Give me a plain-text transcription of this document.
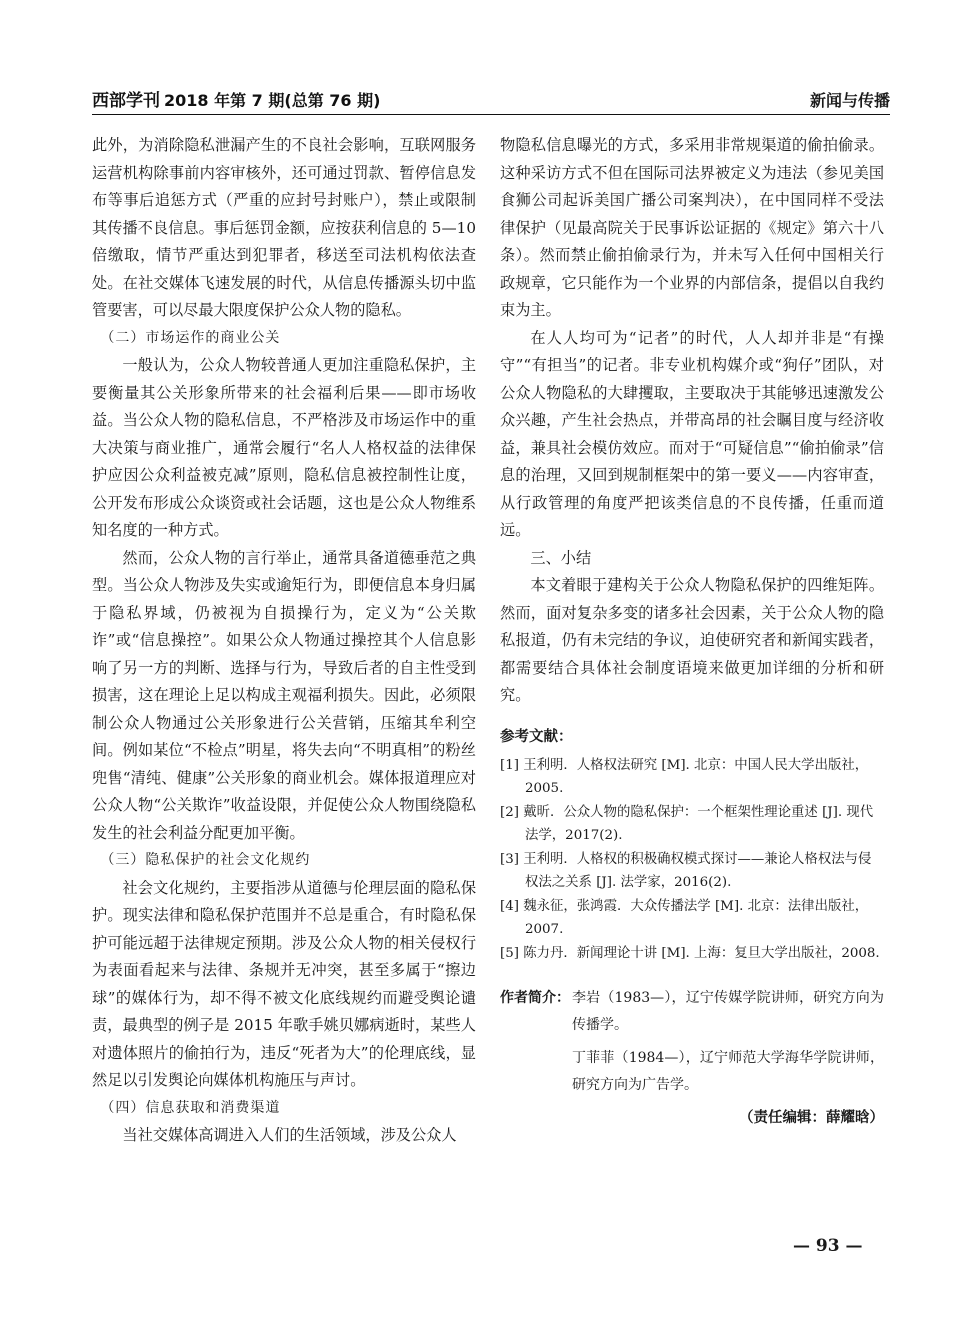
西部学刊 2018 年第 7 期(总第 76 期)	新闻与传播

此外，为消除隐私泄漏产生的不良社会影响，互联网服务运营机构除事前内容审核外，还可通过罚款、暂停信息发布等事后追惩方式（严重的应封号封账户），禁止或限制其传播不良信息。事后惩罚金额，应按获利信息的 5—10 倍缴取，情节严重达到犯罪者，移送至司法机构依法查处。在社交媒体飞速发展的时代，从信息传播源头切中监管要害，可以尽最大限度保护公众人物的隐私。

（二）市场运作的商业公关

一般认为，公众人物较普通人更加注重隐私保护，主要衡量其公关形象所带来的社会福利后果——即市场收益。当公众人物的隐私信息，不严格涉及市场运作中的重大决策与商业推广，通常会履行“名人人格权益的法律保护应因公众利益被克减”原则，隐私信息被控制性让度，公开发布形成公众谈资或社会话题，这也是公众人物维系知名度的一种方式。

然而，公众人物的言行举止，通常具备道德垂范之典型。当公众人物涉及失实或逾矩行为，即便信息本身归属于隐私界域，仍被视为自损操行为，定义为“公关欺诈”或“信息操控”。如果公众人物通过操控其个人信息影响了另一方的判断、选择与行为，导致后者的自主性受到损害，这在理论上足以构成主观福利损失。因此，必须限制公众人物通过公关形象进行公关营销，压缩其牟利空间。例如某位“不检点”明星，将失去向“不明真相”的粉丝兜售“清纯、健康”公关形象的商业机会。媒体报道理应对公众人物“公关欺诈”收益设限，并促使公众人物围绕隐私发生的社会利益分配更加平衡。

（三）隐私保护的社会文化规约

社会文化规约，主要指涉从道德与伦理层面的隐私保护。现实法律和隐私保护范围并不总是重合，有时隐私保护可能远超于法律规定预期。涉及公众人物的相关侵权行为表面看起来与法律、条规并无冲突，甚至多属于“擦边球”的媒体行为，却不得不被文化底线规约而避受舆论谴责，最典型的例子是 2015 年歌手姚贝娜病逝时，某些人对遗体照片的偷拍行为，违反“死者为大”的伦理底线，显然足以引发舆论向媒体机构施压与声讨。

（四）信息获取和消费渠道

当社交媒体高调进入人们的生活领域，涉及公众人

物隐私信息曝光的方式，多采用非常规渠道的偷拍偷录。这种采访方式不但在国际司法界被定义为违法（参见美国食狮公司起诉美国广播公司案判决），在中国同样不受法律保护（见最高院关于民事诉讼证据的《规定》第六十八条）。然而禁止偷拍偷录行为，并未写入任何中国相关行政规章，它只能作为一个业界的内部信条，提倡以自我约束为主。

在人人均可为“记者”的时代，人人却并非是“有操守”“有担当”的记者。非专业机构媒介或“狗仔”团队，对公众人物隐私的大肆攫取，主要取决于其能够迅速激发公众兴趣，产生社会热点，并带高昂的社会瞩目度与经济收益，兼具社会模仿效应。而对于“可疑信息”“偷拍偷录”信息的治理，又回到规制框架中的第一要义——内容审查，从行政管理的角度严把该类信息的不良传播，任重而道远。

三、小结

本文着眼于建构关于公众人物隐私保护的四维矩阵。然而，面对复杂多变的诸多社会因素，关于公众人物的隐私报道，仍有未完结的争议，迫使研究者和新闻实践者，都需要结合具体社会制度语境来做更加详细的分析和研究。

参考文献：

[1] 王利明．人格权法研究 [M]. 北京：中国人民大学出版社，2005.

[2] 戴昕．公众人物的隐私保护：一个框架性理论重述 [J]. 现代法学，2017(2).

[3] 王利明．人格权的积极确权模式探讨——兼论人格权法与侵权法之关系 [J]. 法学家，2016(2).

[4] 魏永征，张鸿霞．大众传播法学 [M]. 北京：法律出版社，2007.

[5] 陈力丹．新闻理论十讲 [M]. 上海：复旦大学出版社，2008.

作者简介： 李岩（1983—），辽宁传媒学院讲师，研究方向为传播学。

丁菲菲（1984—），辽宁师范大学海华学院讲师，研究方向为广告学。

（责任编辑：薛耀晗）
— 93 —
